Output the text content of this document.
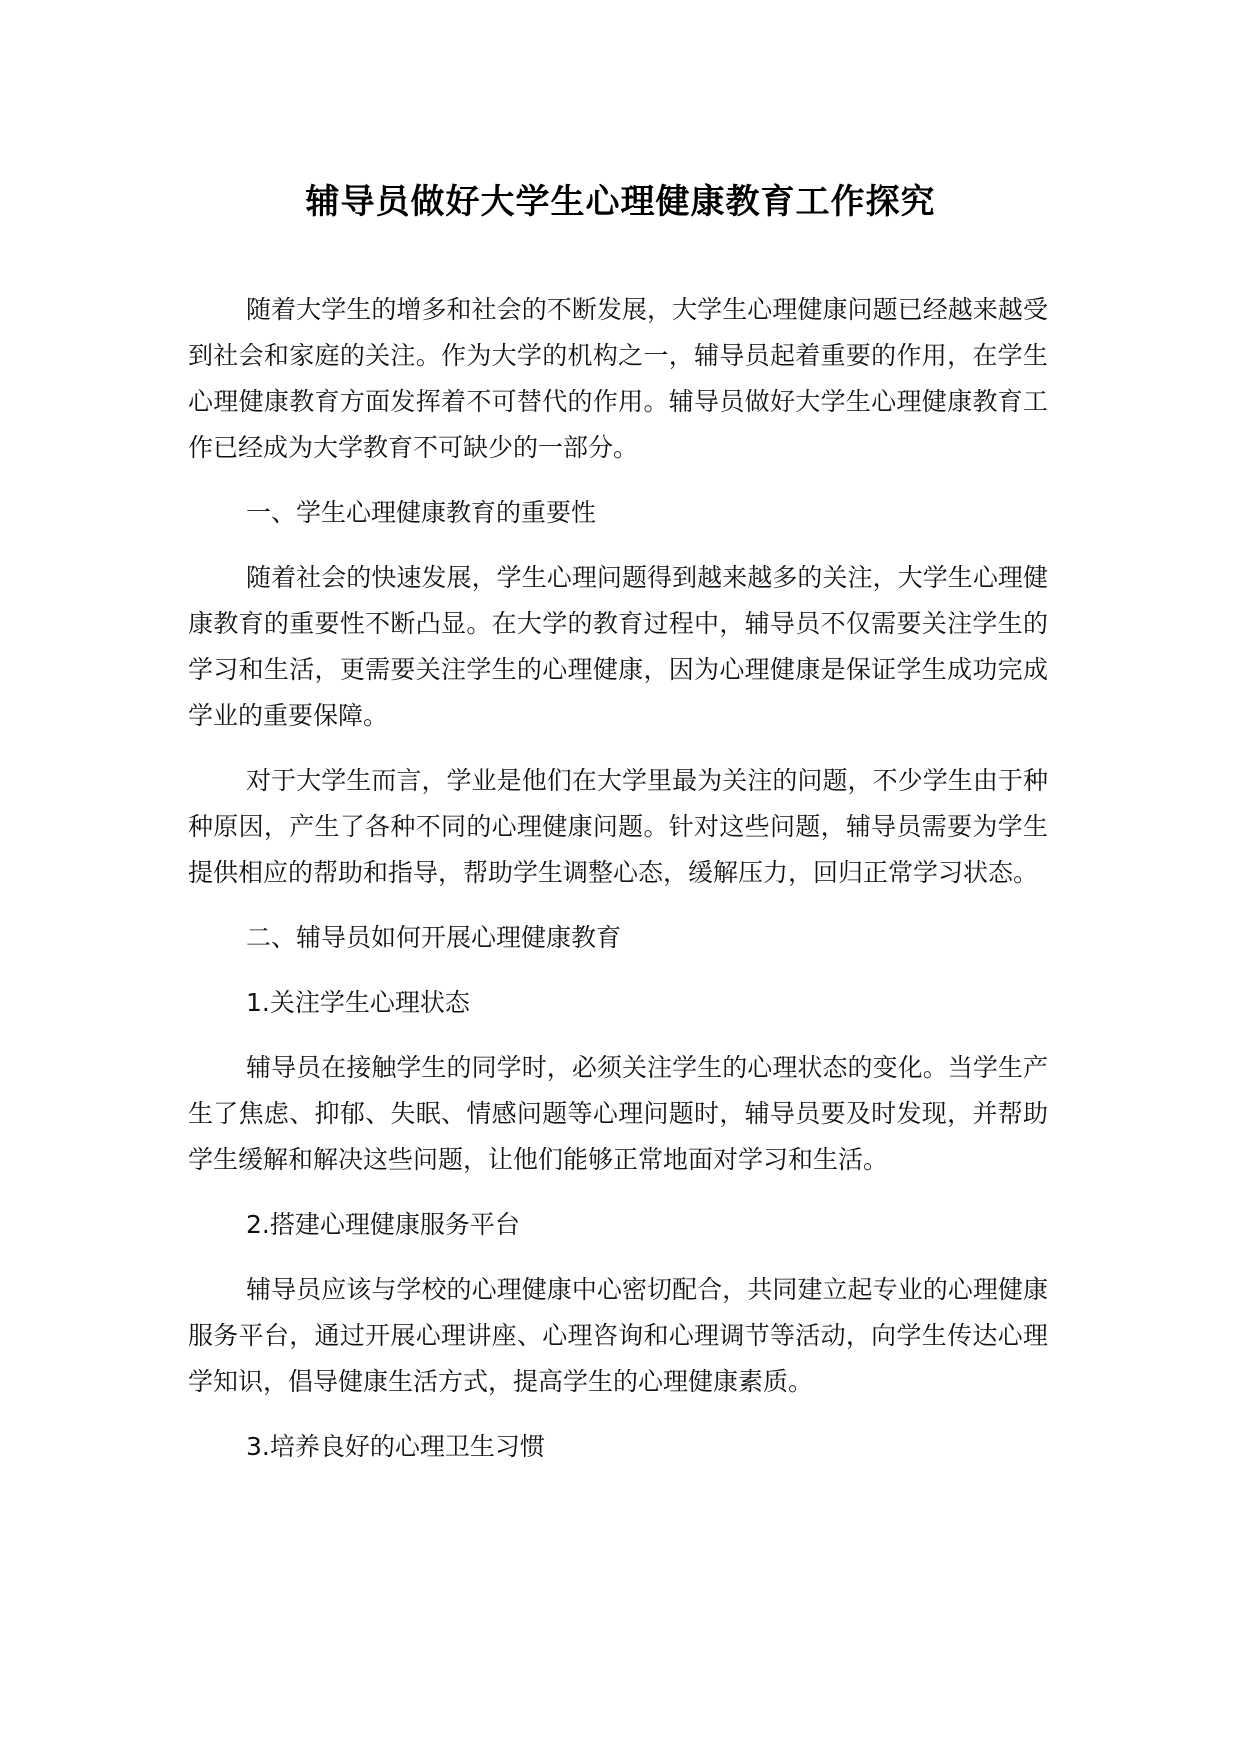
辅导员做好大学生心理健康教育工作探究

随着大学生的增多和社会的不断发展，大学生心理健康问题已经越来越受到社会和家庭的关注。作为大学的机构之一，辅导员起着重要的作用，在学生心理健康教育方面发挥着不可替代的作用。辅导员做好大学生心理健康教育工作已经成为大学教育不可缺少的一部分。

一、学生心理健康教育的重要性

随着社会的快速发展，学生心理问题得到越来越多的关注，大学生心理健康教育的重要性不断凸显。在大学的教育过程中，辅导员不仅需要关注学生的学习和生活，更需要关注学生的心理健康，因为心理健康是保证学生成功完成学业的重要保障。

对于大学生而言，学业是他们在大学里最为关注的问题，不少学生由于种种原因，产生了各种不同的心理健康问题。针对这些问题，辅导员需要为学生提供相应的帮助和指导，帮助学生调整心态，缓解压力，回归正常学习状态。

二、辅导员如何开展心理健康教育

1.关注学生心理状态

辅导员在接触学生的同学时，必须关注学生的心理状态的变化。当学生产生了焦虑、抑郁、失眠、情感问题等心理问题时，辅导员要及时发现，并帮助学生缓解和解决这些问题，让他们能够正常地面对学习和生活。

2.搭建心理健康服务平台

辅导员应该与学校的心理健康中心密切配合，共同建立起专业的心理健康服务平台，通过开展心理讲座、心理咨询和心理调节等活动，向学生传达心理学知识，倡导健康生活方式，提高学生的心理健康素质。

3.培养良好的心理卫生习惯
